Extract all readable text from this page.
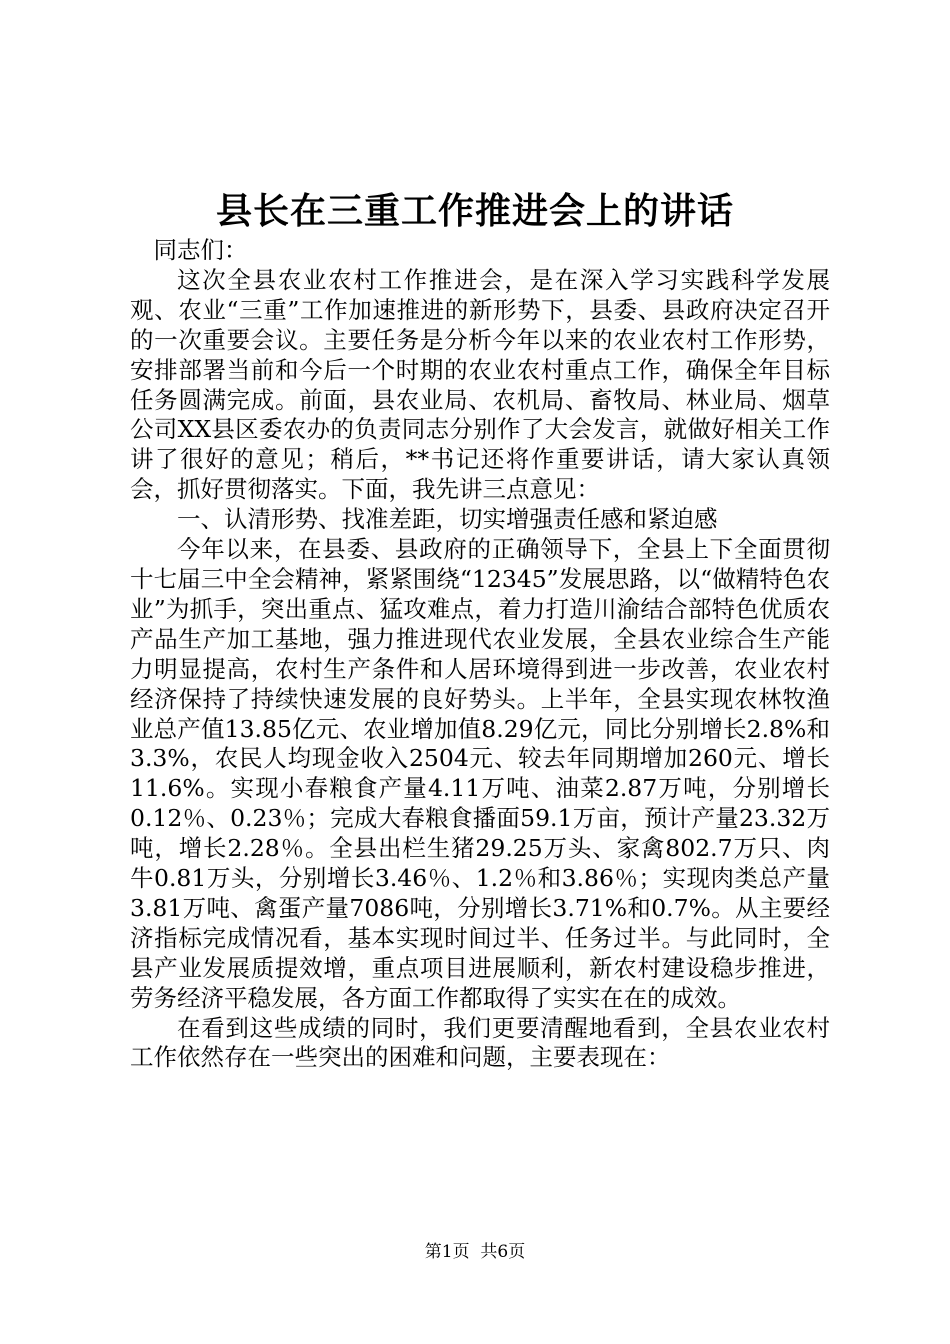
县长在三重工作推进会上的讲话

同志们：

这次全县农业农村工作推进会，是在深入学习实践科学发展观、农业“三重”工作加速推进的新形势下，县委、县政府决定召开的一次重要会议。主要任务是分析今年以来的农业农村工作形势，安排部署当前和今后一个时期的农业农村重点工作，确保全年目标任务圆满完成。前面，县农业局、农机局、畜牧局、林业局、烟草公司XX县区委农办的负责同志分别作了大会发言，就做好相关工作讲了很好的意见；稍后，**书记还将作重要讲话，请大家认真领会，抓好贯彻落实。下面，我先讲三点意见：

一、认清形势、找准差距，切实增强责任感和紧迫感

今年以来，在县委、县政府的正确领导下，全县上下全面贯彻十七届三中全会精神，紧紧围绕“12345”发展思路，以“做精特色农业”为抓手，突出重点、猛攻难点，着力打造川渝结合部特色优质农产品生产加工基地，强力推进现代农业发展，全县农业综合生产能力明显提高，农村生产条件和人居环境得到进一步改善，农业农村经济保持了持续快速发展的良好势头。上半年，全县实现农林牧渔业总产值13.85亿元、农业增加值8.29亿元，同比分别增长2.8%和3.3%，农民人均现金收入2504元、较去年同期增加260元、增长11.6%。实现小春粮食产量4.11万吨、油菜2.87万吨，分别增长0.12％、0.23％；完成大春粮食播面59.1万亩，预计产量23.32万吨，增长2.28％。全县出栏生猪29.25万头、家禽802.7万只、肉牛0.81万头，分别增长3.46％、1.2％和3.86％；实现肉类总产量3.81万吨、禽蛋产量7086吨，分别增长3.71%和0.7%。从主要经济指标完成情况看，基本实现时间过半、任务过半。与此同时，全县产业发展质提效增，重点项目进展顺利，新农村建设稳步推进，劳务经济平稳发展，各方面工作都取得了实实在在的成效。

在看到这些成绩的同时，我们更要清醒地看到，全县农业农村工作依然存在一些突出的困难和问题，主要表现在：

第1页 共6页
